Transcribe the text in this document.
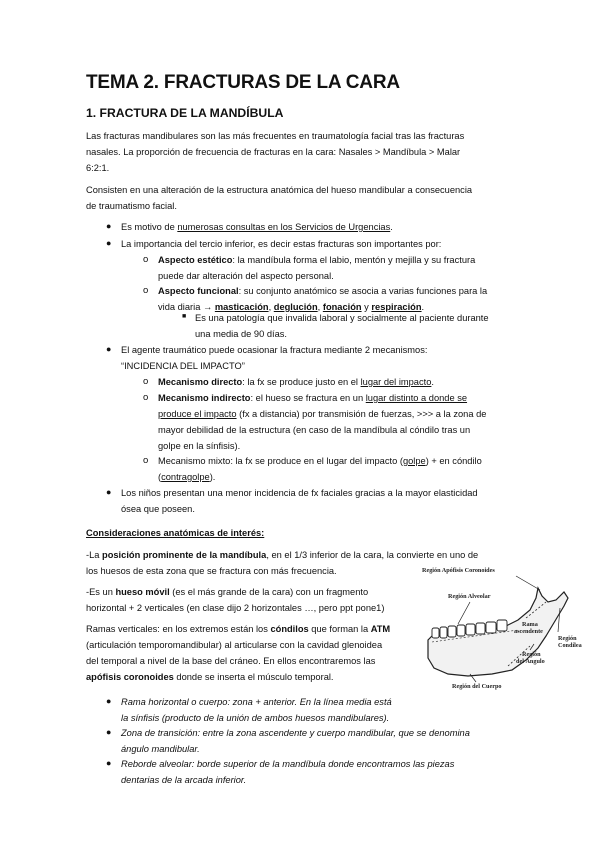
TEMA 2. FRACTURAS DE LA CARA
1. FRACTURA DE LA MANDÍBULA
Las fracturas mandibulares son las más frecuentes en traumatología facial tras las fracturas
nasales. La proporción de frecuencia de fracturas en la cara: Nasales > Mandíbula > Malar
6:2:1.
Consisten en una alteración de la estructura anatómica del hueso mandibular a consecuencia
de traumatismo facial.
● Es motivo de numerosas consultas en los Servicios de Urgencias.
● La importancia del tercio inferior, es decir estas fracturas son importantes por:
o Aspecto estético: la mandíbula forma el labio, mentón y mejilla y su fractura
puede dar alteración del aspecto personal.
o Aspecto funcional: su conjunto anatómico se asocia a varias funciones para la
vida diaria → masticación, deglución, fonación y respiración.
■ Es una patología que invalida laboral y socialmente al paciente durante
una media de 90 días.
● El agente traumático puede ocasionar la fractura mediante 2 mecanismos:
“INCIDENCIA DEL IMPACTO”
o Mecanismo directo: la fx se produce justo en el lugar del impacto.
o Mecanismo indirecto: el hueso se fractura en un lugar distinto a donde se
produce el impacto (fx a distancia) por transmisión de fuerzas, >>> a la zona de
mayor debilidad de la estructura (en caso de la mandíbula al cóndilo tras un
golpe en la sínfisis).
o Mecanismo mixto: la fx se produce en el lugar del impacto (golpe) + en cóndilo
(contragolpe).
● Los niños presentan una menor incidencia de fx faciales gracias a la mayor elasticidad
ósea que poseen.
Consideraciones anatómicas de interés:
-La posición prominente de la mandíbula, en el 1/3 inferior de la cara, la convierte en uno de
los huesos de esta zona que se fractura con más frecuencia.
-Es un hueso móvil (es el más grande de la cara) con un fragmento
horizontal + 2 verticales (en clase dijo 2 horizontales …, pero ppt pone1)
Ramas verticales: en los extremos están los cóndilos que forman la ATM
(articulación temporomandibular) al articularse con la cavidad glenoidea
del temporal a nivel de la base del cráneo. En ellos encontraremos las
apófisis coronoides donde se inserta el músculo temporal.
● Rama horizontal o cuerpo: zona + anterior. En la línea media está
la sínfisis (producto de la unión de ambos huesos mandibulares).
● Zona de transición: entre la zona ascendente y cuerpo mandibular, que se denomina
ángulo mandibular.
● Reborde alveolar: borde superior de la mandíbula donde encontramos las piezas
dentarias de la arcada inferior.
Región Apófisis Coronoides
Región Alveolar
Rama
ascendente
Región
Condílea
Región
del Ángulo
Región del Cuerpo
